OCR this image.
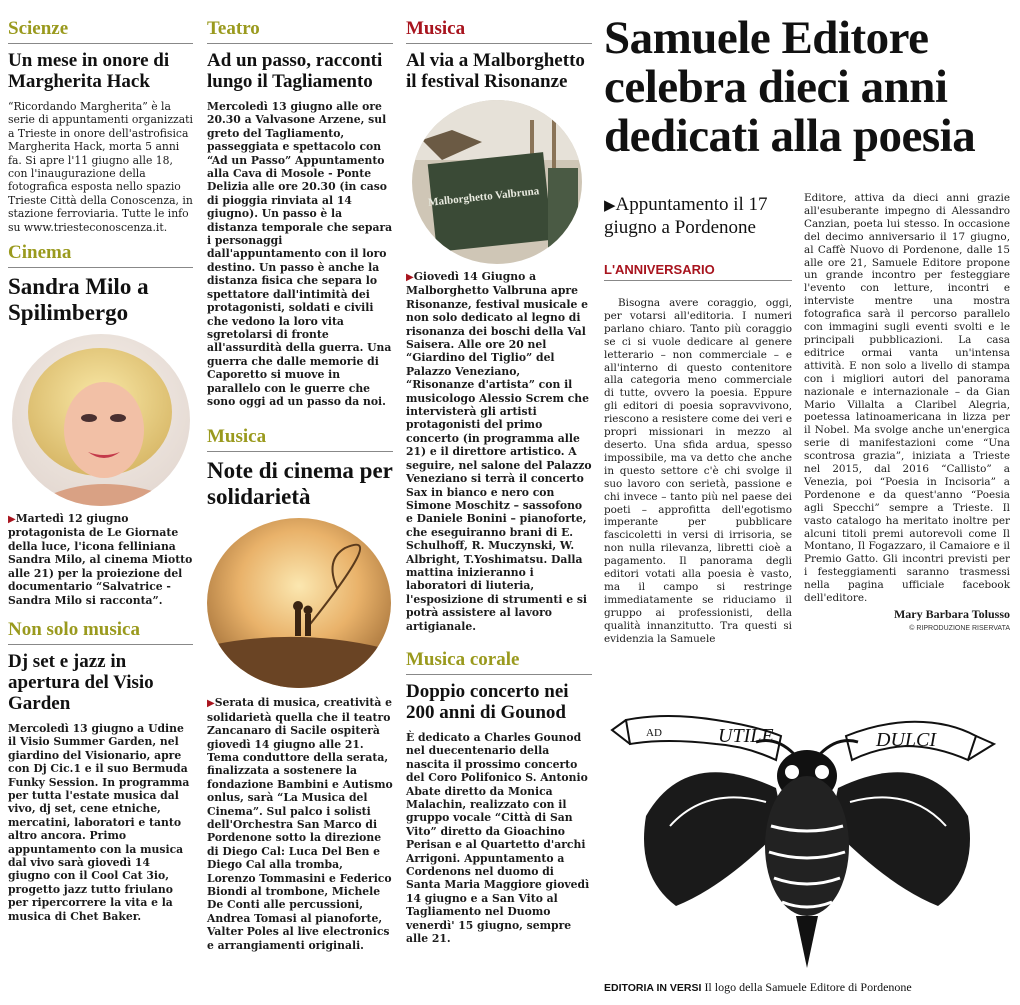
Scienze
Un mese in onore di Margherita Hack

“Ricordando Margherita” è la serie di appuntamenti organizzati a Trieste in onore dell'astrofisica Margherita Hack, morta 5 anni fa. Si apre l'11 giugno alle 18, con l'inaugurazione della fotografica esposta nello spazio Trieste Città della Conoscenza, in stazione ferroviaria. Tutte le info su www.triesteconoscenza.it.

Cinema
Sandra Milo a Spilimbergo

▶Martedì 12 giugno protagonista de Le Giornate della luce, l'icona felliniana Sandra Milo, al cinema Miotto alle 21) per la proiezione del documentario “Salvatrice - Sandra Milo si racconta”.

Non solo musica
Dj set e jazz in apertura del Visio Garden

Mercoledì 13 giugno a Udine il Visio Summer Garden, nel giardino del Visionario, apre con Dj Cic.1 e il suo Bermuda Funky Session. In programma per tutta l'estate musica dal vivo, dj set, cene etniche, mercatini, laboratori e tanto altro ancora. Primo appuntamento con la musica dal vivo sarà giovedì 14 giugno con il Cool Cat 3io, progetto jazz tutto friulano per ripercorrere la vita e la musica di Chet Baker.

Teatro
Ad un passo, racconti lungo il Tagliamento

Mercoledì 13 giugno alle ore 20.30 a Valvasone Arzene, sul greto del Tagliamento, passeggiata e spettacolo con “Ad un Passo” Appuntamento alla Cava di Mosole - Ponte Delizia alle ore 20.30 (in caso di pioggia rinviata al 14 giugno). Un passo è la distanza temporale che separa i personaggi dall'appuntamento con il loro destino. Un passo è anche la distanza fisica che separa lo spettatore dall'intimità dei protagonisti, soldati e civili che vedono la loro vita sgretolarsi di fronte all'assurdità della guerra. Una guerra che dalle memorie di Caporetto si muove in parallelo con le guerre che sono oggi ad un passo da noi.

Musica
Note di cinema per solidarietà

▶Serata di musica, creatività e solidarietà quella che il teatro Zancanaro di Sacile ospiterà giovedì 14 giugno alle 21. Tema conduttore della serata, finalizzata a sostenere la fondazione Bambini e Autismo onlus, sarà “La Musica del Cinema”. Sul palco i solisti dell'Orchestra San Marco di Pordenone sotto la direzione di Diego Cal: Luca Del Ben e Diego Cal alla tromba, Lorenzo Tommasini e Federico Biondi al trombone, Michele De Conti alle percussioni, Andrea Tomasi al pianoforte, Valter Poles al live electronics e arrangiamenti originali.

Musica
Al via a Malborghetto il festival Risonanze
Malborghetto Valbruna

▶Giovedì 14 Giugno a Malborghetto Valbruna apre Risonanze, festival musicale e non solo dedicato al legno di risonanza dei boschi della Val Saisera. Alle ore 20 nel “Giardino del Tiglio” del Palazzo Veneziano, “Risonanze d'artista” con il musicologo Alessio Screm che intervisterà gli artisti protagonisti del primo concerto (in programma alle 21) e il direttore artistico. A seguire, nel salone del Palazzo Veneziano si terrà il concerto Sax in bianco e nero con Simone Moschitz – sassofono e Daniele Bonini – pianoforte, che eseguiranno brani di E. Schulhoff, R. Muczynski, W. Albright, T.Yoshimatsu. Dalla mattina inizieranno i laboratori di liuteria, l'esposizione di strumenti e si potrà assistere al lavoro artigianale.

Musica corale
Doppio concerto nei 200 anni di Gounod

È dedicato a Charles Gounod nel duecentenario della nascita il prossimo concerto del Coro Polifonico S. Antonio Abate diretto da Monica Malachin, realizzato con il gruppo vocale “Città di San Vito” diretto da Gioachino Perisan e al Quartetto d'archi Arrigoni. Appuntamento a Cordenons nel duomo di Santa Maria Maggiore giovedì 14 giugno e a San Vito al Tagliamento nel Duomo venerdì' 15 giugno, sempre alle 21.

Samuele Editore celebra dieci anni dedicati alla poesia
▶Appuntamento il 17 giugno a Pordenone
L'ANNIVERSARIO

Bisogna avere coraggio, oggi, per votarsi all'editoria. I numeri parlano chiaro. Tanto più coraggio se ci si vuole dedicare al genere letterario – non commerciale – e all'interno di questo contenitore alla categoria meno commerciale di tutte, ovvero la poesia. Eppure gli editori di poesia sopravvivono, riescono a resistere come dei veri e propri missionari in mezzo al deserto. Una sfida ardua, spesso impossibile, ma va detto che anche in questo settore c'è chi svolge il suo lavoro con serietà, passione e chi invece – tanto più nel paese dei poeti – approfitta dell'egotismo imperante per pubblicare fascicoletti in versi di irrisoria, se non nulla rilevanza, libretti cioè a pagamento. Il panorama degli editori votati alla poesia è vasto, ma il campo si restringe immediatamente se riduciamo il gruppo ai professionisti, della qualità innanzitutto. Tra questi si evidenzia la Samuele

Editore, attiva da dieci anni grazie all'esuberante impegno di Alessandro Canzian, poeta lui stesso. In occasione del decimo anniversario il 17 giugno, al Caffè Nuovo di Pordenone, dalle 15 alle ore 21, Samuele Editore propone un grande incontro per festeggiare l'evento con letture, incontri e interviste mentre una mostra fotografica sarà il percorso parallelo con immagini sugli eventi svolti e le principali pubblicazioni. La casa editrice ormai vanta un'intensa attività. E non solo a livello di stampa con i migliori autori del panorama nazionale e internazionale – da Gian Mario Villalta a Claribel Alegria, poetessa latinoamericana in lizza per il Nobel. Ma svolge anche un'energica serie di manifestazioni come “Una scontrosa grazia”, iniziata a Trieste nel 2015, dal 2016 “Callisto” a Venezia, poi “Poesia in Incisoria” a Pordenone e da quest'anno “Poesia agli Specchi” sempre a Trieste. Il vasto catalogo ha meritato inoltre per alcuni titoli premi autorevoli come Il Montano, Il Fogazzaro, il Camaiore e il Premio Gatto. Gli incontri previsti per i festeggiamenti saranno trasmessi nella pagina ufficiale facebook dell'editore.

Mary Barbara Tolusso
© RIPRODUZIONE RISERVATA
AD	UTILE	DULCI
EDITORIA IN VERSI Il logo della Samuele Editore di Pordenone
